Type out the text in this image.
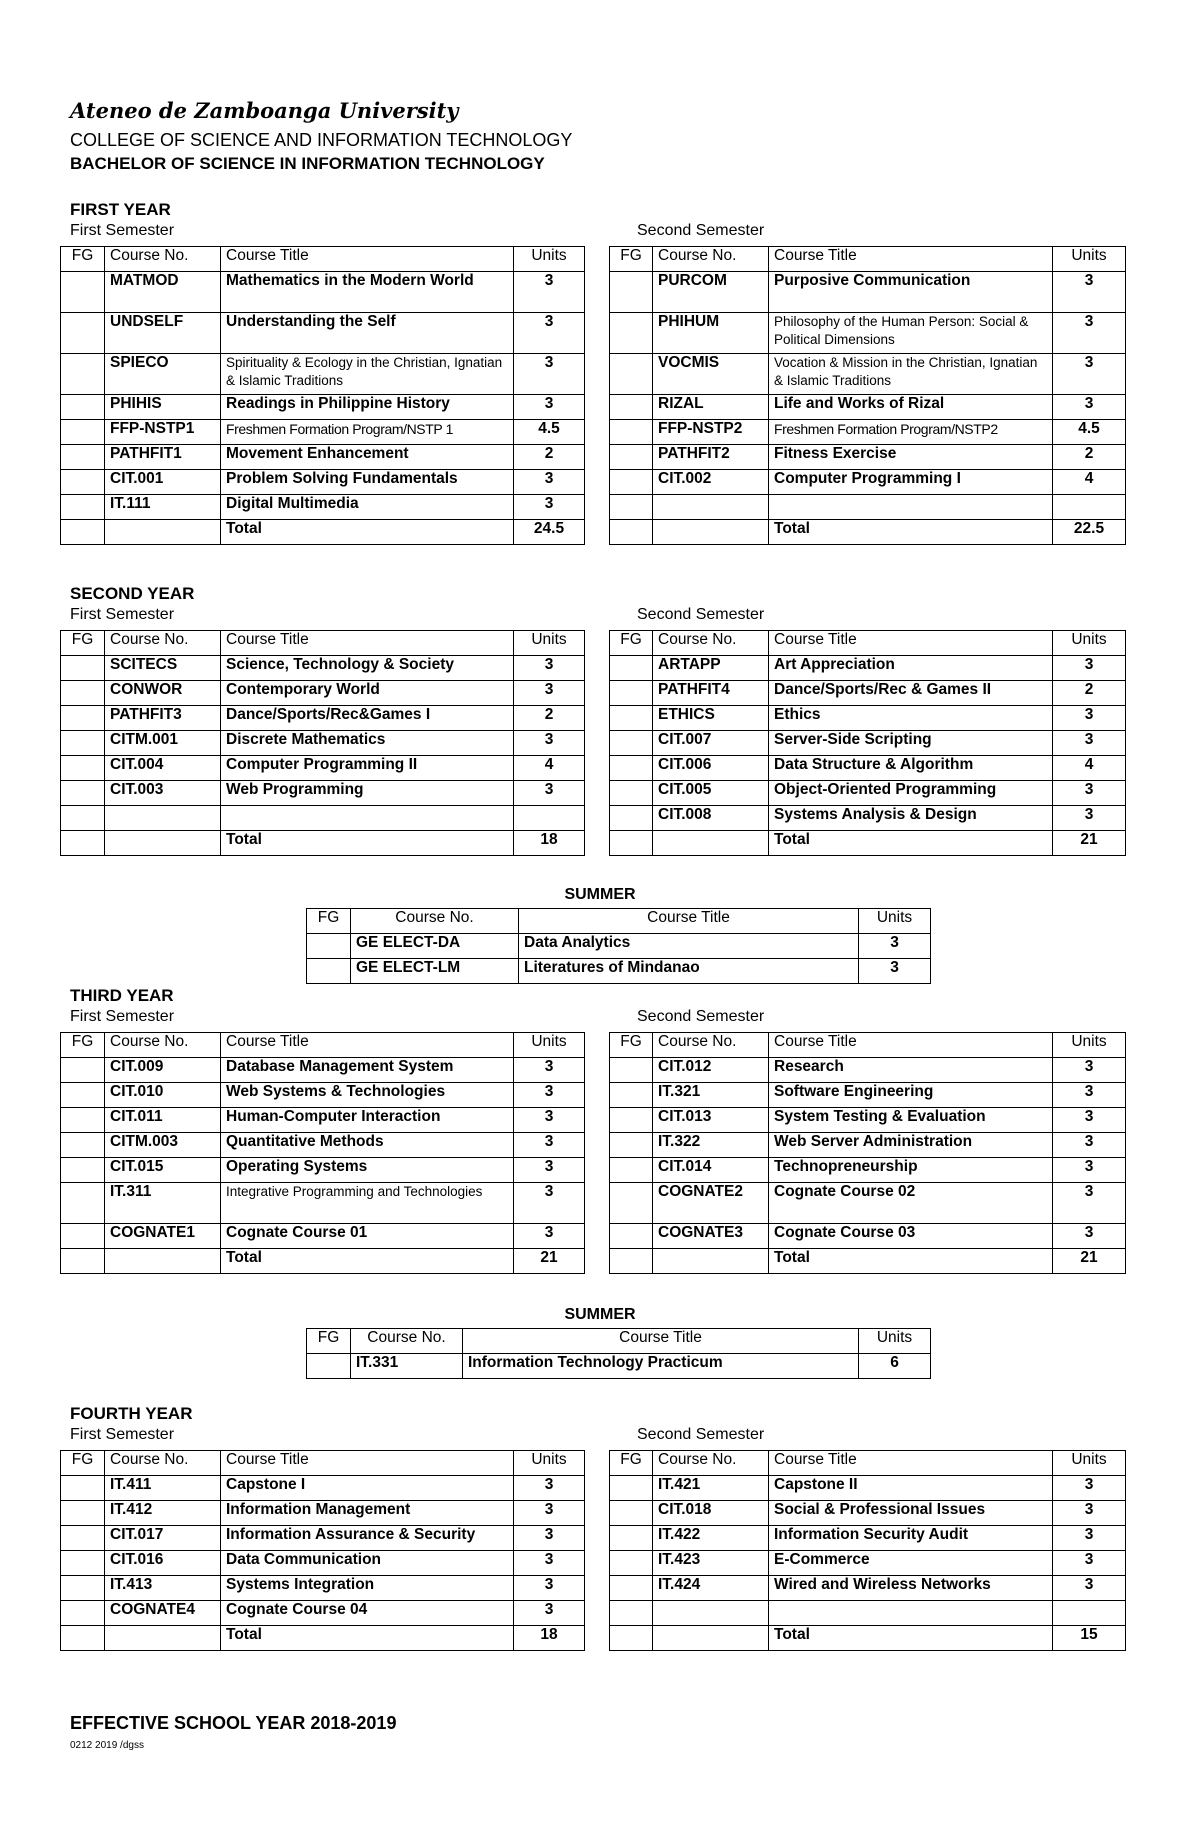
Ateneo de Zamboanga University
COLLEGE OF SCIENCE AND INFORMATION TECHNOLOGY
BACHELOR OF SCIENCE IN INFORMATION TECHNOLOGY
FIRST YEAR
First Semester	Second Semester
FG	Course No.	Course Title	Units
	MATMOD	Mathematics in the Modern World	3
	UNDSELF	Understanding the Self	3
	SPIECO	Spirituality & Ecology in the Christian, Ignatian & Islamic Traditions	3
	PHIHIS	Readings in Philippine History	3
	FFP-NSTP1	Freshmen Formation Program/NSTP 1	4.5
	PATHFIT1	Movement Enhancement	2
	CIT.001	Problem Solving Fundamentals	3
	IT.111	Digital Multimedia	3
		Total	24.5
FG	Course No.	Course Title	Units
	PURCOM	Purposive Communication	3
	PHIHUM	Philosophy of the Human Person: Social & Political Dimensions	3
	VOCMIS	Vocation & Mission in the Christian, Ignatian & Islamic Traditions	3
	RIZAL	Life and Works of Rizal	3
	FFP-NSTP2	Freshmen Formation Program/NSTP2	4.5
	PATHFIT2	Fitness Exercise	2
	CIT.002	Computer Programming I	4

		Total	22.5
SECOND YEAR
First Semester	Second Semester
FG	Course No.	Course Title	Units
	SCITECS	Science, Technology & Society	3
	CONWOR	Contemporary World	3
	PATHFIT3	Dance/Sports/Rec&Games I	2
	CITM.001	Discrete Mathematics	3
	CIT.004	Computer Programming II	4
	CIT.003	Web Programming	3

		Total	18
FG	Course No.	Course Title	Units
	ARTAPP	Art Appreciation	3
	PATHFIT4	Dance/Sports/Rec & Games II	2
	ETHICS	Ethics	3
	CIT.007	Server-Side Scripting	3
	CIT.006	Data Structure & Algorithm	4
	CIT.005	Object-Oriented Programming	3
	CIT.008	Systems Analysis & Design	3
		Total	21
SUMMER
FG	Course No.	Course Title	Units
	GE ELECT-DA	Data Analytics	3
	GE ELECT-LM	Literatures of Mindanao	3
THIRD YEAR
First Semester	Second Semester
FG	Course No.	Course Title	Units
	CIT.009	Database Management System	3
	CIT.010	Web Systems & Technologies	3
	CIT.011	Human-Computer Interaction	3
	CITM.003	Quantitative Methods	3
	CIT.015	Operating Systems	3
	IT.311	Integrative Programming and Technologies	3
	COGNATE1	Cognate Course 01	3
		Total	21
FG	Course No.	Course Title	Units
	CIT.012	Research	3
	IT.321	Software Engineering	3
	CIT.013	System Testing & Evaluation	3
	IT.322	Web Server Administration	3
	CIT.014	Technopreneurship	3
	COGNATE2	Cognate Course 02	3
	COGNATE3	Cognate Course 03	3
		Total	21
SUMMER
FG	Course No.	Course Title	Units
	IT.331	Information Technology Practicum	6
FOURTH YEAR
First Semester	Second Semester
FG	Course No.	Course Title	Units
	IT.411	Capstone I	3
	IT.412	Information Management	3
	CIT.017	Information Assurance & Security	3
	CIT.016	Data Communication	3
	IT.413	Systems Integration	3
	COGNATE4	Cognate Course 04	3
		Total	18
FG	Course No.	Course Title	Units
	IT.421	Capstone II	3
	CIT.018	Social & Professional Issues	3
	IT.422	Information Security Audit	3
	IT.423	E-Commerce	3
	IT.424	Wired and Wireless Networks	3

		Total	15
EFFECTIVE SCHOOL YEAR 2018-2019
0212 2019 /dgss
